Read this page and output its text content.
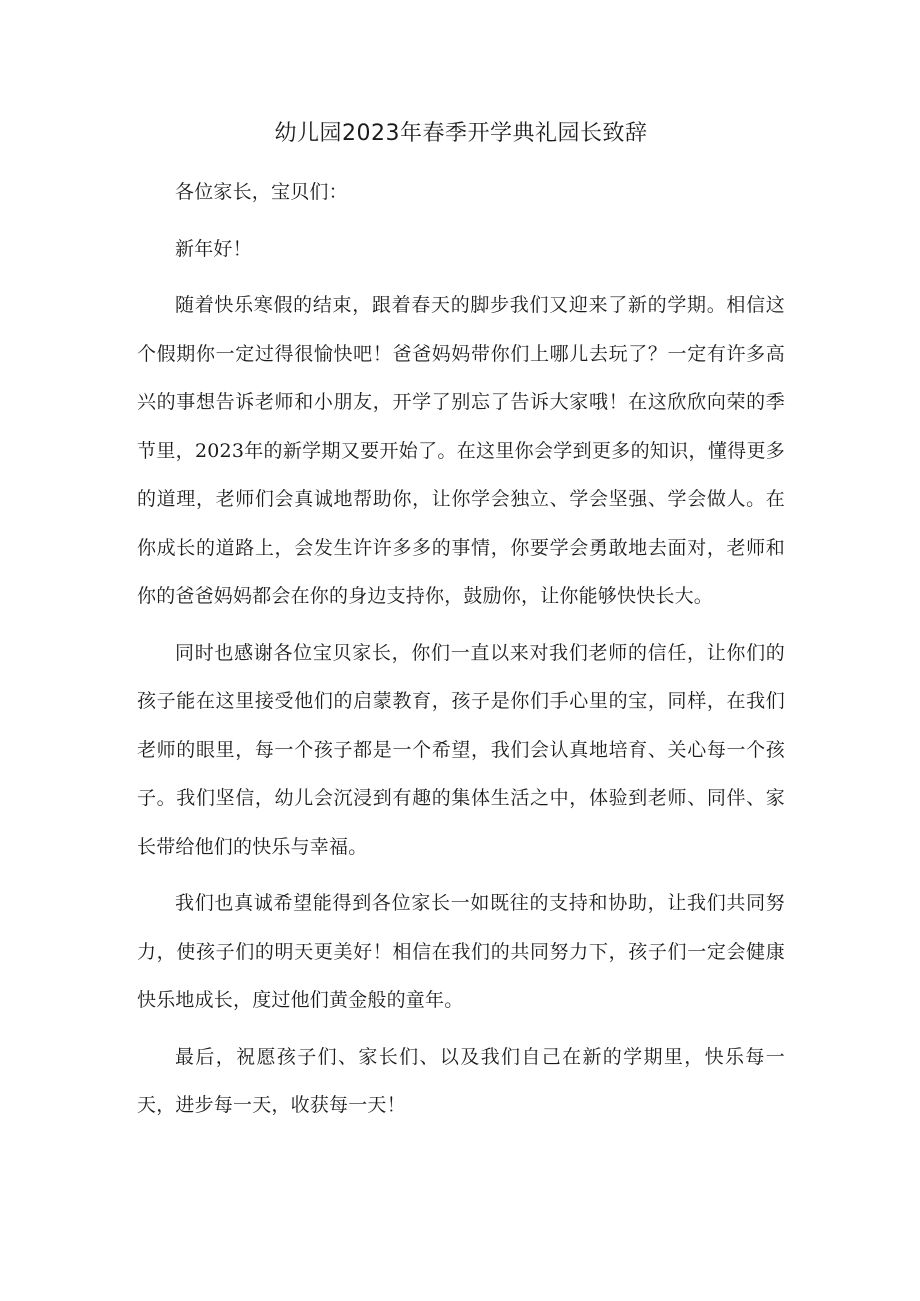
幼儿园2023年春季开学典礼园长致辞

各位家长，宝贝们：

新年好！

随着快乐寒假的结束，跟着春天的脚步我们又迎来了新的学期。相信这个假期你一定过得很愉快吧！爸爸妈妈带你们上哪儿去玩了？一定有许多高兴的事想告诉老师和小朋友，开学了别忘了告诉大家哦！在这欣欣向荣的季节里，2023年的新学期又要开始了。在这里你会学到更多的知识，懂得更多的道理，老师们会真诚地帮助你，让你学会独立、学会坚强、学会做人。在你成长的道路上，会发生许许多多的事情，你要学会勇敢地去面对，老师和你的爸爸妈妈都会在你的身边支持你，鼓励你，让你能够快快长大。

同时也感谢各位宝贝家长，你们一直以来对我们老师的信任，让你们的孩子能在这里接受他们的启蒙教育，孩子是你们手心里的宝，同样，在我们老师的眼里，每一个孩子都是一个希望，我们会认真地培育、关心每一个孩子。我们坚信，幼儿会沉浸到有趣的集体生活之中，体验到老师、同伴、家长带给他们的快乐与幸福。

我们也真诚希望能得到各位家长一如既往的支持和协助，让我们共同努力，使孩子们的明天更美好！相信在我们的共同努力下，孩子们一定会健康快乐地成长，度过他们黄金般的童年。

最后，祝愿孩子们、家长们、以及我们自己在新的学期里，快乐每一天，进步每一天，收获每一天！
